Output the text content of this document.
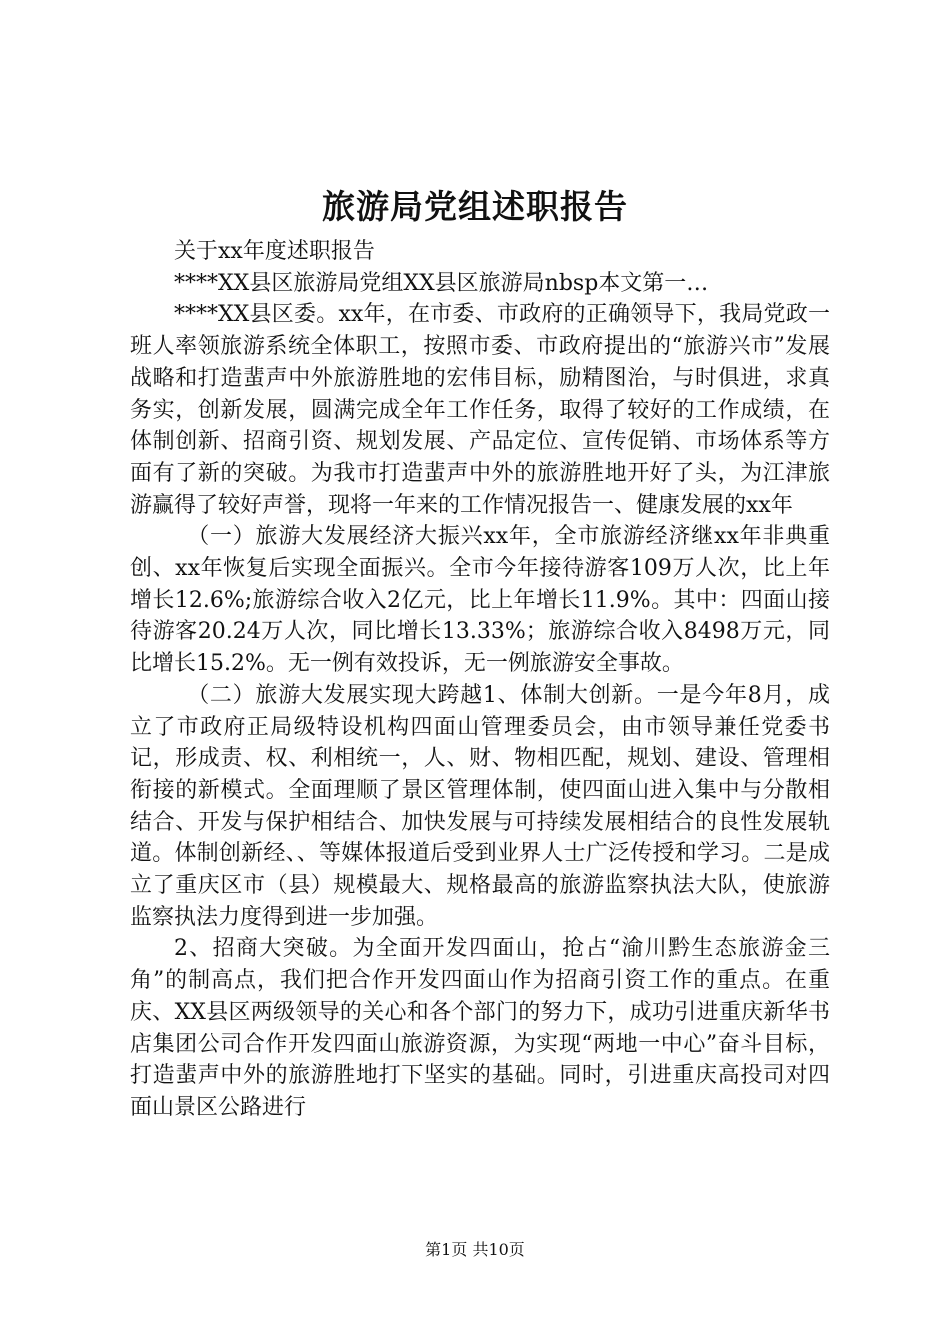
旅游局党组述职报告

关于xx年度述职报告

****XX县区旅游局党组XX县区旅游局nbsp本文第一…

****XX县区委。xx年，在市委、市政府的正确领导下，我局党政一班人率领旅游系统全体职工，按照市委、市政府提出的“旅游兴市”发展战略和打造蜚声中外旅游胜地的宏伟目标，励精图治，与时俱进，求真务实，创新发展，圆满完成全年工作任务，取得了较好的工作成绩，在体制创新、招商引资、规划发展、产品定位、宣传促销、市场体系等方面有了新的突破。为我市打造蜚声中外的旅游胜地开好了头，为江津旅游赢得了较好声誉，现将一年来的工作情况报告一、健康发展的xx年

（一）旅游大发展经济大振兴xx年，全市旅游经济继xx年非典重创、xx年恢复后实现全面振兴。全市今年接待游客109万人次，比上年增长12.6%;旅游综合收入2亿元，比上年增长11.9%。其中：四面山接待游客20.24万人次，同比增长13.33%；旅游综合收入8498万元，同比增长15.2%。无一例有效投诉，无一例旅游安全事故。

（二）旅游大发展实现大跨越1、体制大创新。一是今年8月，成立了市政府正局级特设机构四面山管理委员会，由市领导兼任党委书记，形成责、权、利相统一，人、财、物相匹配，规划、建设、管理相衔接的新模式。全面理顺了景区管理体制，使四面山进入集中与分散相结合、开发与保护相结合、加快发展与可持续发展相结合的良性发展轨道。体制创新经、、等媒体报道后受到业界人士广泛传授和学习。二是成立了重庆区市（县）规模最大、规格最高的旅游监察执法大队，使旅游监察执法力度得到进一步加强。

2、招商大突破。为全面开发四面山，抢占“渝川黔生态旅游金三角”的制高点，我们把合作开发四面山作为招商引资工作的重点。在重庆、XX县区两级领导的关心和各个部门的努力下，成功引进重庆新华书店集团公司合作开发四面山旅游资源，为实现“两地一中心”奋斗目标，打造蜚声中外的旅游胜地打下坚实的基础。同时，引进重庆高投司对四面山景区公路进行

第1页 共10页
